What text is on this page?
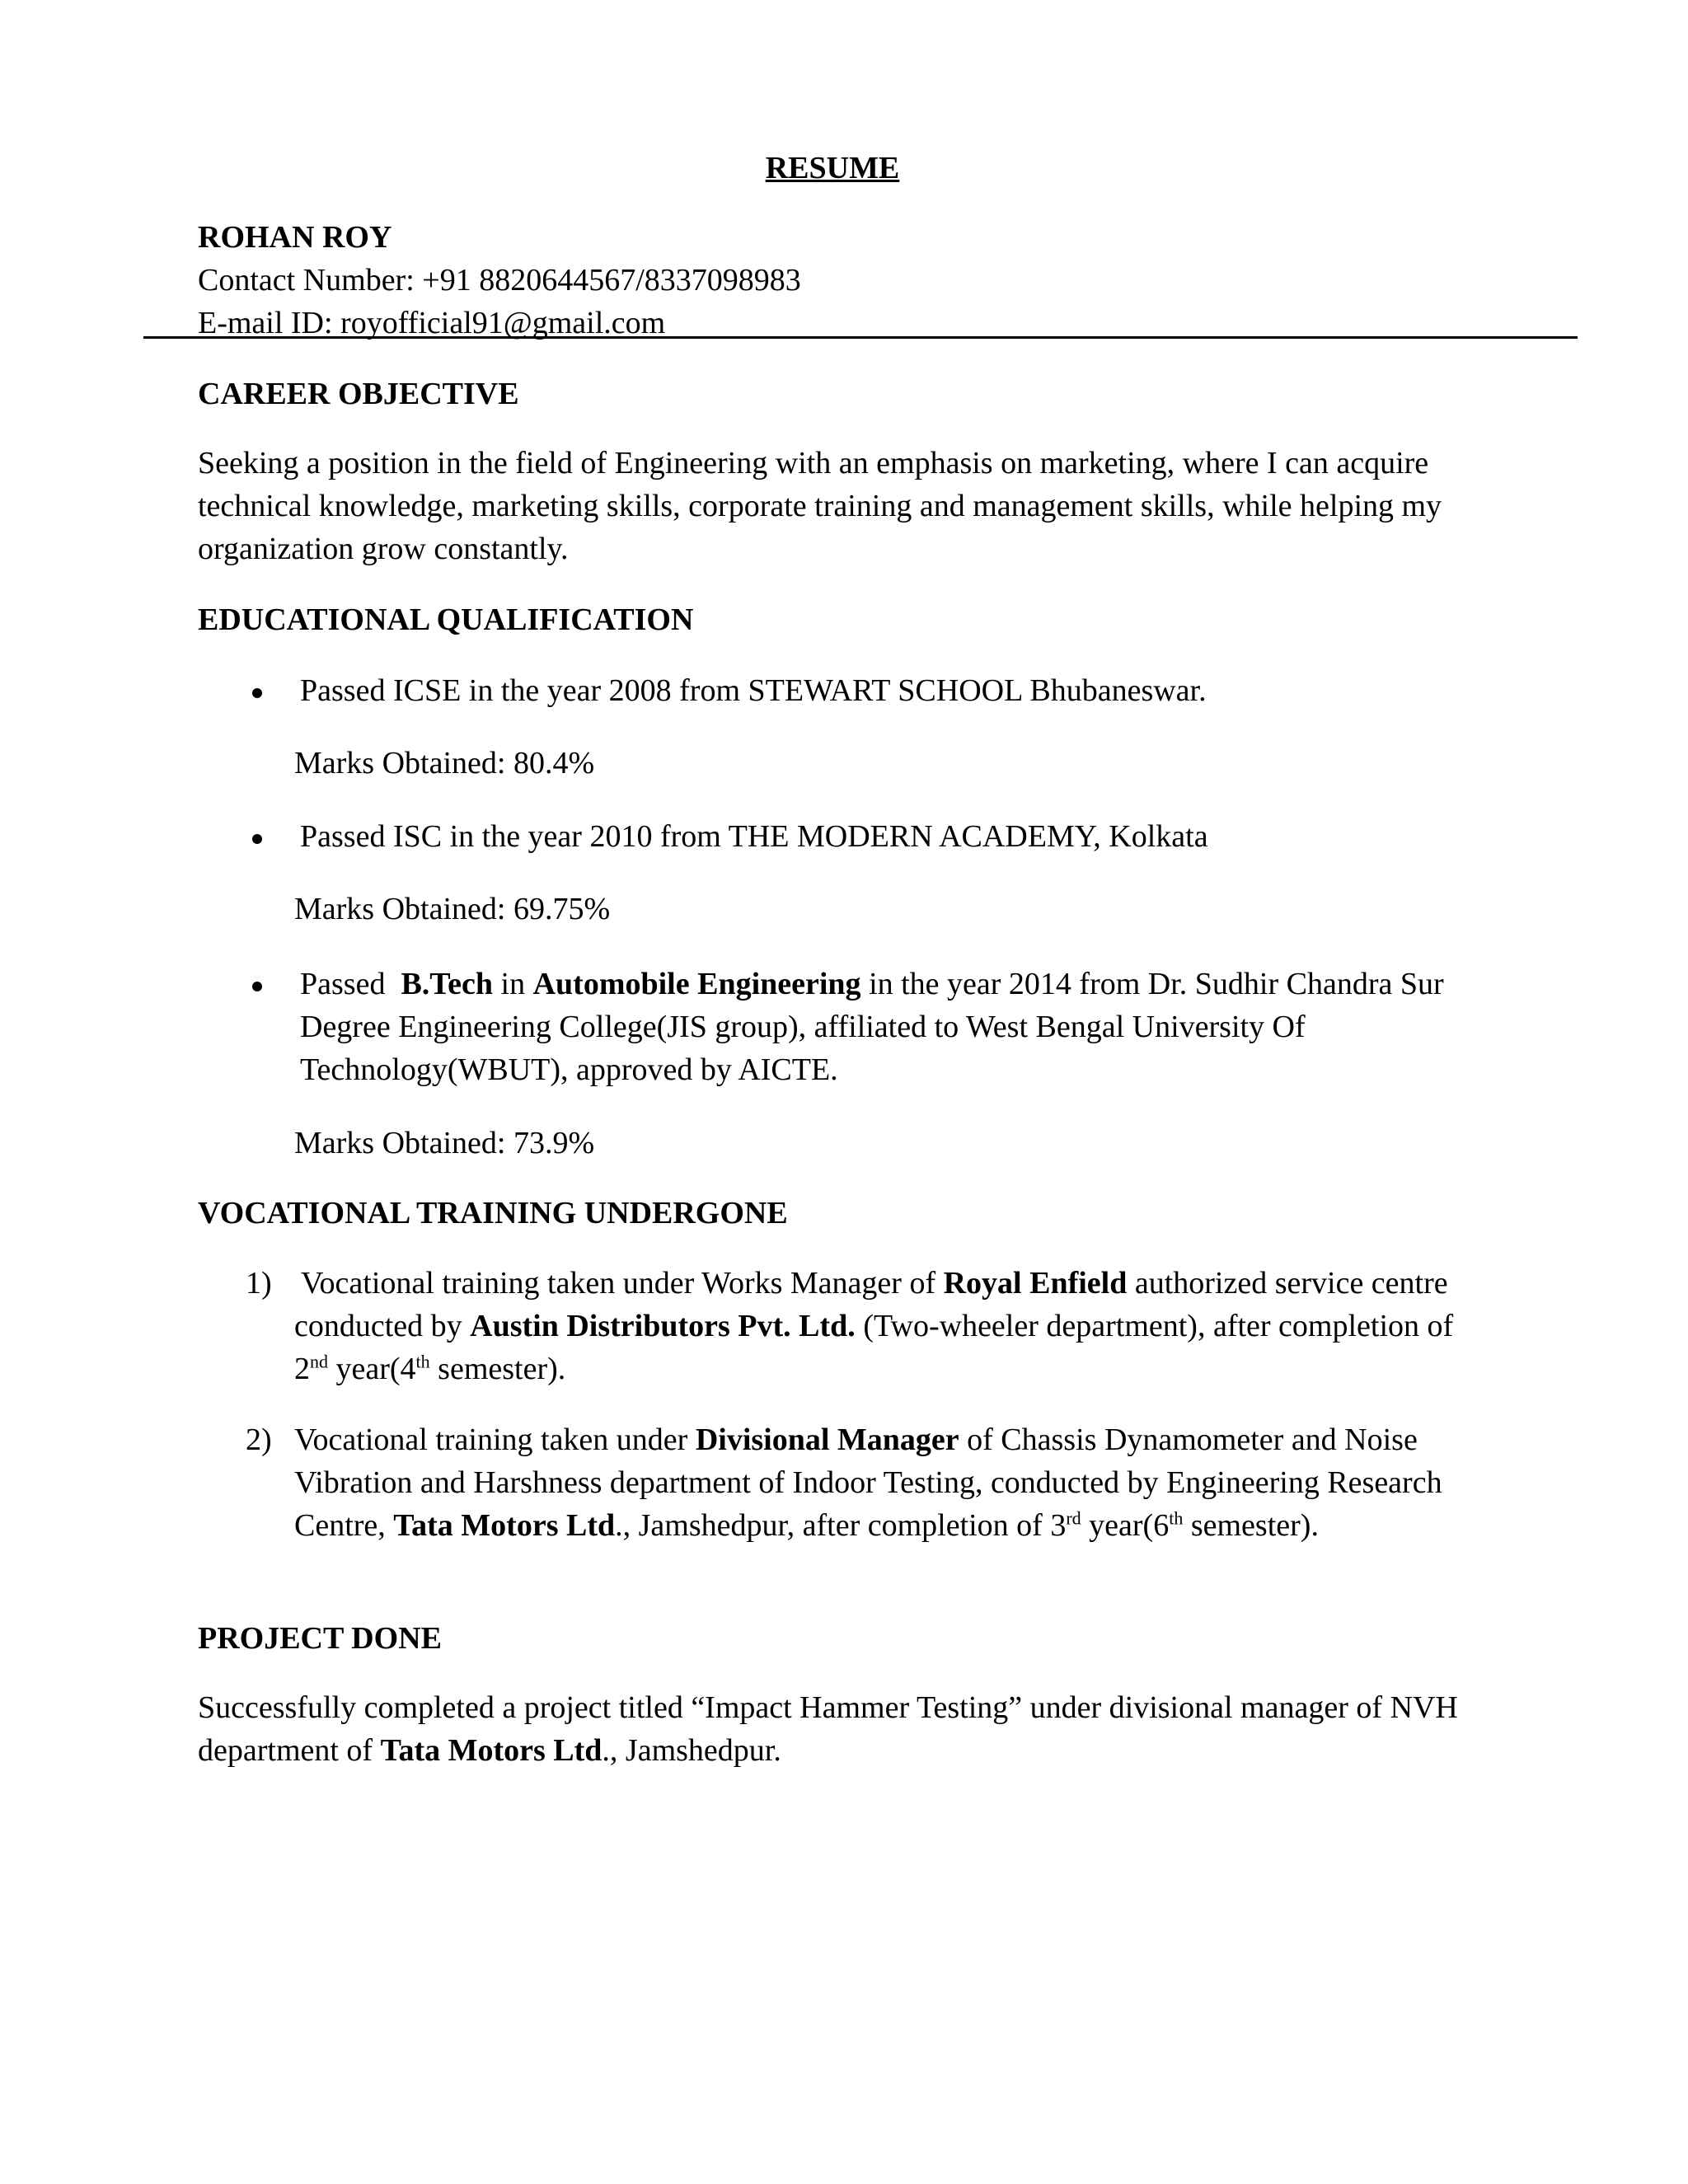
RESUME
ROHAN ROY
Contact Number: +91 8820644567/8337098983
E-mail ID: royofficial91@gmail.com
CAREER OBJECTIVE

Seeking a position in the field of Engineering with an emphasis on marketing, where I can acquire technical knowledge, marketing skills, corporate training and management skills, while helping my organization grow constantly.

EDUCATIONAL QUALIFICATION
Passed ICSE in the year 2008 from STEWART SCHOOL Bhubaneswar.
Marks Obtained: 80.4%
Passed ISC in the year 2010 from THE MODERN ACADEMY, Kolkata
Marks Obtained: 69.75%
Passed  B.Tech in Automobile Engineering in the year 2014 from Dr. Sudhir Chandra Sur Degree Engineering College(JIS group), affiliated to West Bengal University Of Technology(WBUT), approved by AICTE.
Marks Obtained: 73.9%
VOCATIONAL TRAINING UNDERGONE
1) Vocational training taken under Works Manager of Royal Enfield authorized service centre conducted by Austin Distributors Pvt. Ltd. (Two-wheeler department), after completion of 2nd year(4th semester).
2) Vocational training taken under Divisional Manager of Chassis Dynamometer and Noise Vibration and Harshness department of Indoor Testing, conducted by Engineering Research Centre, Tata Motors Ltd., Jamshedpur, after completion of 3rd year(6th semester).
PROJECT DONE

Successfully completed a project titled “Impact Hammer Testing” under divisional manager of NVH department of Tata Motors Ltd., Jamshedpur.
